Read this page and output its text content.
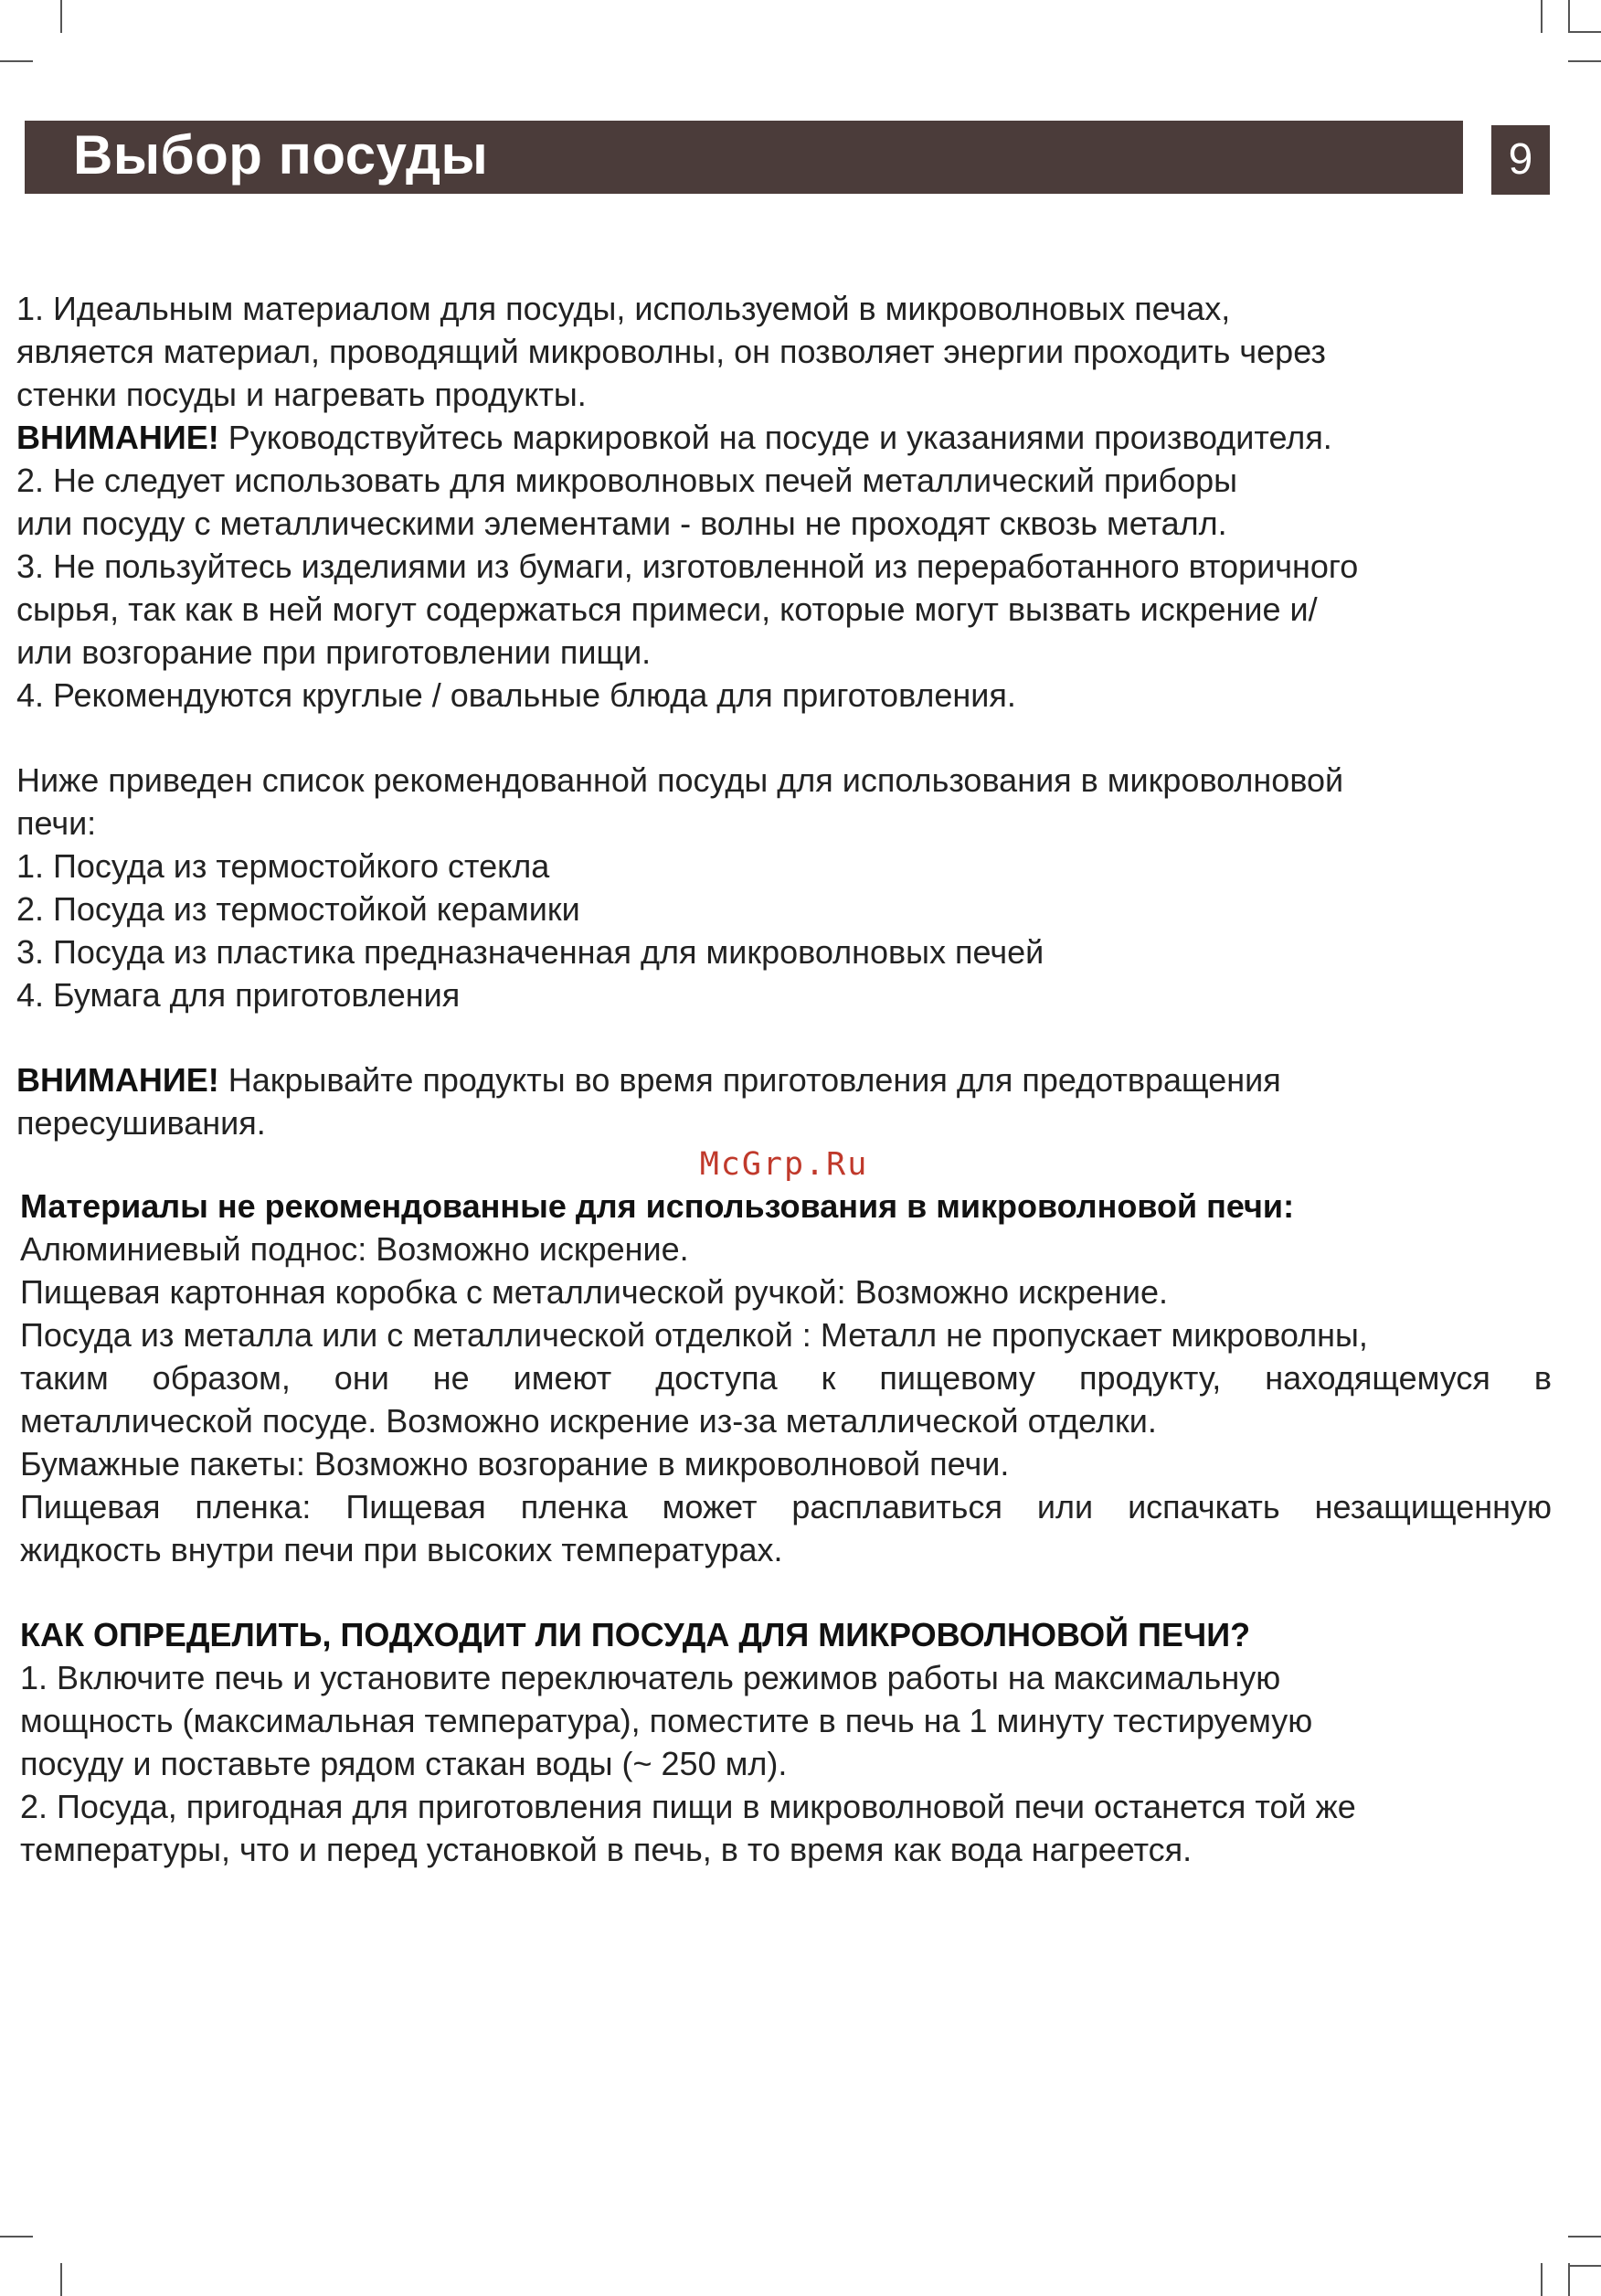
Выбор посуды	9
1. Идеальным материалом для посуды, используемой в микроволновых печах,
является материал, проводящий микроволны, он позволяет энергии проходить через
стенки посуды и нагревать продукты.
ВНИМАНИЕ! Руководствуйтесь маркировкой на посуде и указаниями производителя.
2. Не следует использовать для микроволновых печей металлический приборы
или посуду с металлическими элементами - волны не проходят сквозь металл.
3. Не пользуйтесь изделиями из бумаги, изготовленной из переработанного вторичного
сырья, так как в ней могут содержаться примеси, которые могут вызвать искрение и/
или возгорание при приготовлении пищи.
4. Рекомендуются круглые / овальные блюда для приготовления.
Ниже приведен список рекомендованной посуды для использования в микроволновой
печи:
1. Посуда из термостойкого стекла
2. Посуда из термостойкой керамики
3. Посуда из пластика предназначенная для микроволновых печей
4. Бумага для приготовления
ВНИМАНИЕ! Накрывайте продукты во время приготовления для предотвращения
пересушивания.
McGrp.Ru
Материалы не рекомендованные для использования в микроволновой печи:
Алюминиевый поднос: Возможно искрение.
Пищевая картонная коробка с металлической ручкой: Возможно искрение.
Посуда из металла или с металлической отделкой : Металл не пропускает микроволны,
таким образом, они не имеют доступа к пищевому продукту, находящемуся в
металлической посуде. Возможно искрение из-за металлической отделки.
Бумажные пакеты: Возможно возгорание в микроволновой печи.
Пищевая пленка: Пищевая пленка может расплавиться или испачкать незащищенную
жидкость внутри печи при высоких температурах.
КАК ОПРЕДЕЛИТЬ, ПОДХОДИТ ЛИ ПОСУДА ДЛЯ МИКРОВОЛНОВОЙ ПЕЧИ?
1. Включите печь и установите переключатель режимов работы на максимальную
мощность (максимальная температура), поместите в печь на 1 минуту тестируемую
посуду и поставьте рядом стакан воды (~ 250 мл).
2. Посуда, пригодная для приготовления пищи в микроволновой печи останется той же
температуры, что и перед установкой в печь, в то время как вода нагреется.
